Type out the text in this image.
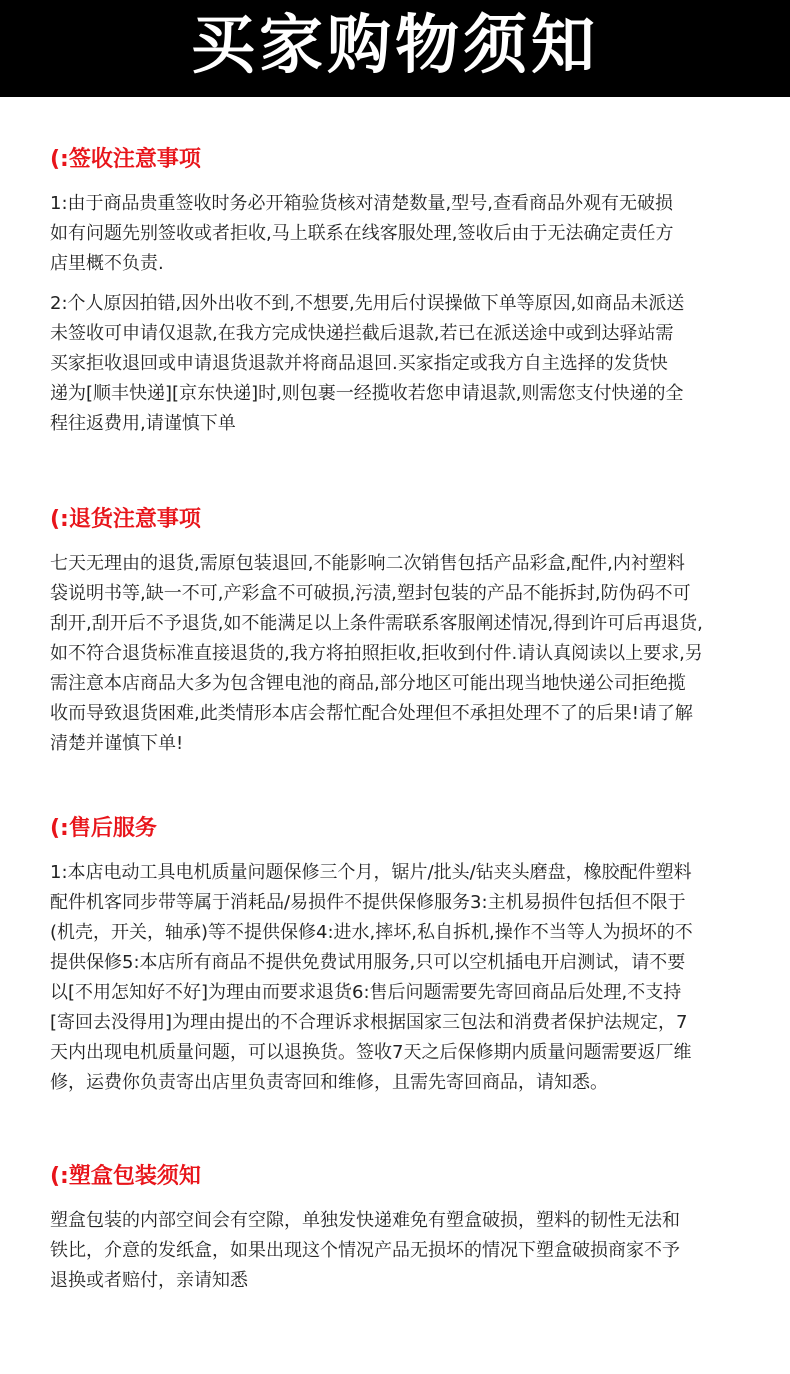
买家购物须知
(:签收注意事项
1:由于商品贵重签收时务必开箱验货核对清楚数量,型号,查看商品外观有无破损
如有问题先别签收或者拒收,马上联系在线客服处理,签收后由于无法确定责任方
店里概不负责.
2:个人原因拍错,因外出收不到,不想要,先用后付误操做下单等原因,如商品未派送
未签收可申请仅退款,在我方完成快递拦截后退款,若已在派送途中或到达驿站需
买家拒收退回或申请退货退款并将商品退回.买家指定或我方自主选择的发货快
递为[顺丰快递][京东快递]时,则包裹一经揽收若您申请退款,则需您支付快递的全
程往返费用,请谨慎下单
(:退货注意事项
七天无理由的退货,需原包装退回,不能影响二次销售包括产品彩盒,配件,内衬塑料
袋说明书等,缺一不可,产彩盒不可破损,污渍,塑封包装的产品不能拆封,防伪码不可
刮开,刮开后不予退货,如不能满足以上条件需联系客服阐述情况,得到许可后再退货,
如不符合退货标准直接退货的,我方将拍照拒收,拒收到付件.请认真阅读以上要求,另
需注意本店商品大多为包含锂电池的商品,部分地区可能出现当地快递公司拒绝揽
收而导致退货困难,此类情形本店会帮忙配合处理但不承担处理不了的后果!请了解
清楚并谨慎下单!
(:售后服务
1:本店电动工具电机质量问题保修三个月，锯片/批头/钻夹头磨盘，橡胶配件塑料
配件机客同步带等属于消耗品/易损件不提供保修服务3:主机易损件包括但不限于
(机壳，开关，轴承)等不提供保修4:进水,摔坏,私自拆机,操作不当等人为损坏的不
提供保修5:本店所有商品不提供免费试用服务,只可以空机插电开启测试，请不要
以[不用怎知好不好]为理由而要求退货6:售后问题需要先寄回商品后处理,不支持
[寄回去没得用]为理由提出的不合理诉求根据国家三包法和消费者保护法规定，7
天内出现电机质量问题，可以退换货。签收7天之后保修期内质量问题需要返厂维
修，运费你负责寄出店里负责寄回和维修，且需先寄回商品，请知悉。
(:塑盒包装须知
塑盒包装的内部空间会有空隙，单独发快递难免有塑盒破损，塑料的韧性无法和
铁比，介意的发纸盒，如果出现这个情况产品无损坏的情况下塑盒破损商家不予
退换或者赔付，亲请知悉
